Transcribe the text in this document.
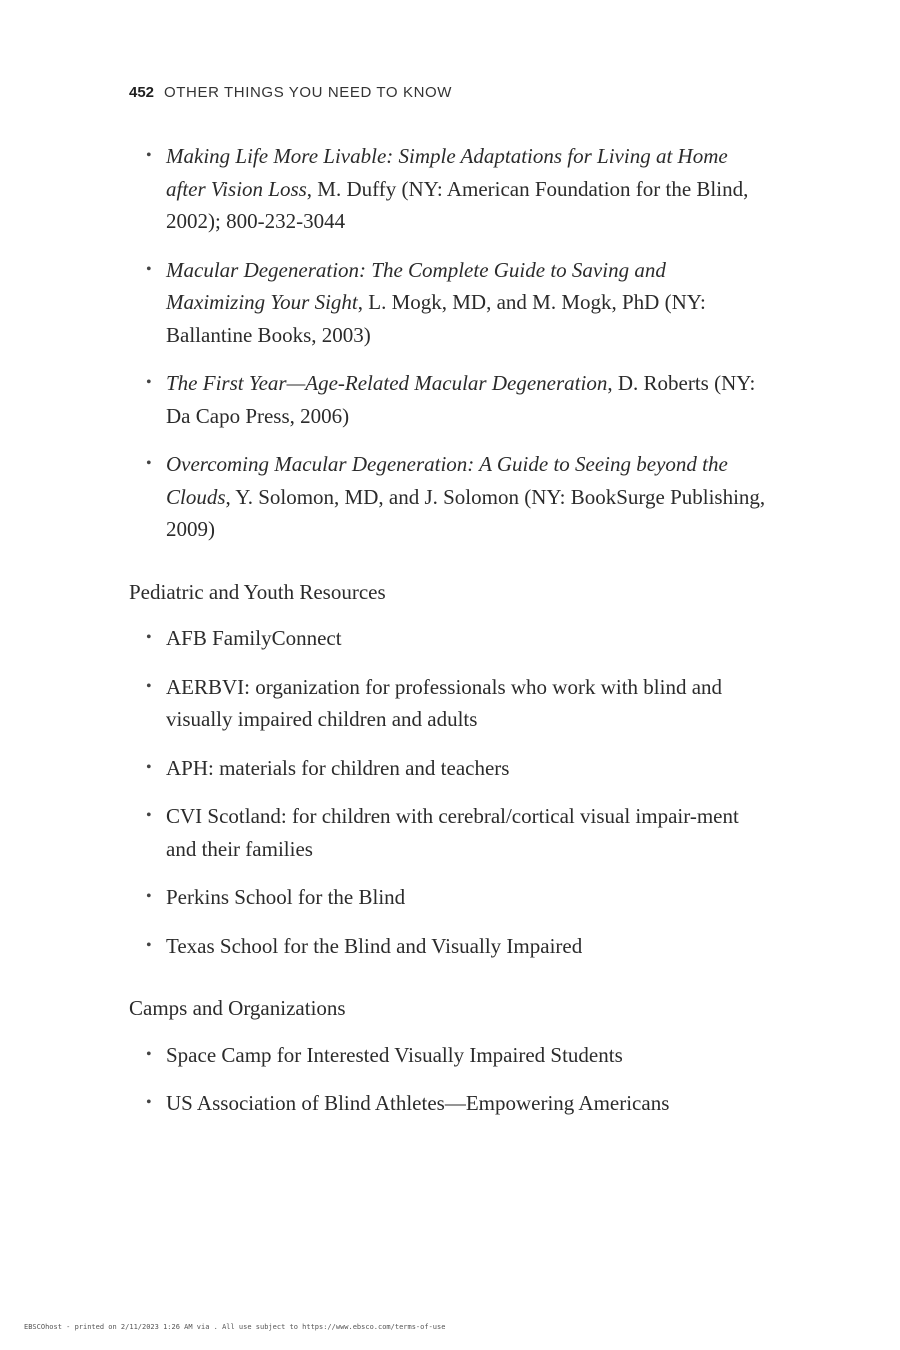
452 OTHER THINGS YOU NEED TO KNOW
• Making Life More Livable: Simple Adaptations for Living at Home after Vision Loss, M. Duffy (NY: American Foundation for the Blind, 2002); 800-232-3044
• Macular Degeneration: The Complete Guide to Saving and Maximizing Your Sight, L. Mogk, MD, and M. Mogk, PhD (NY: Ballantine Books, 2003)
• The First Year—Age-Related Macular Degeneration, D. Roberts (NY: Da Capo Press, 2006)
• Overcoming Macular Degeneration: A Guide to Seeing beyond the Clouds, Y. Solomon, MD, and J. Solomon (NY: BookSurge Publishing, 2009)
Pediatric and Youth Resources
• AFB FamilyConnect
• AERBVI: organization for professionals who work with blind and visually impaired children and adults
• APH: materials for children and teachers
• CVI Scotland: for children with cerebral/cortical visual impair-ment and their families
• Perkins School for the Blind
• Texas School for the Blind and Visually Impaired
Camps and Organizations
• Space Camp for Interested Visually Impaired Students
• US Association of Blind Athletes—Empowering Americans
EBSCOhost - printed on 2/11/2023 1:26 AM via . All use subject to https://www.ebsco.com/terms-of-use
